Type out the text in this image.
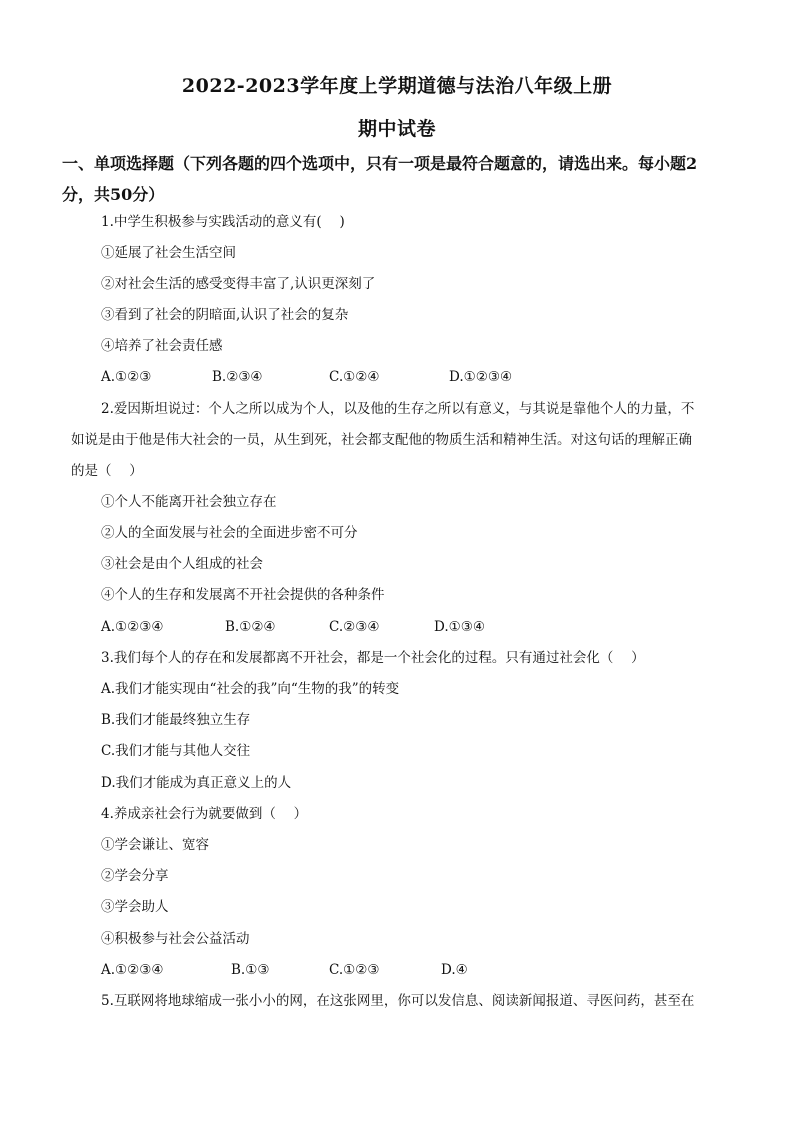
2022-2023学年度上学期道德与法治八年级上册
期中试卷
一、单项选择题（下列各题的四个选项中，只有一项是最符合题意的，请选出来。每小题2
分，共50分）
1.中学生积极参与实践活动的意义有(　 )
①延展了社会生活空间
②对社会生活的感受变得丰富了,认识更深刻了
③看到了社会的阴暗面,认识了社会的复杂
④培养了社会责任感
A.①②③	B.②③④	C.①②④	D.①②③④
2.爱因斯坦说过：个人之所以成为个人，以及他的生存之所以有意义，与其说是靠他个人的力量，不
如说是由于他是伟大社会的一员，从生到死，社会都支配他的物质生活和精神生活。对这句话的理解正确
的是（　 ）
①个人不能离开社会独立存在
②人的全面发展与社会的全面进步密不可分
③社会是由个人组成的社会
④个人的生存和发展离不开社会提供的各种条件
A.①②③④	B.①②④	C.②③④	D.①③④
3.我们每个人的存在和发展都离不开社会，都是一个社会化的过程。只有通过社会化（　 ）
A.我们才能实现由“社会的我”向“生物的我”的转变
B.我们才能最终独立生存
C.我们才能与其他人交往
D.我们才能成为真正意义上的人
4.养成亲社会行为就要做到（　 ）
①学会谦让、宽容
②学会分享
③学会助人
④积极参与社会公益活动
A.①②③④	B.①③	C.①②③	D.④
5.互联网将地球缩成一张小小的网，在这张网里，你可以发信息、阅读新闻报道、寻医问药，甚至在
